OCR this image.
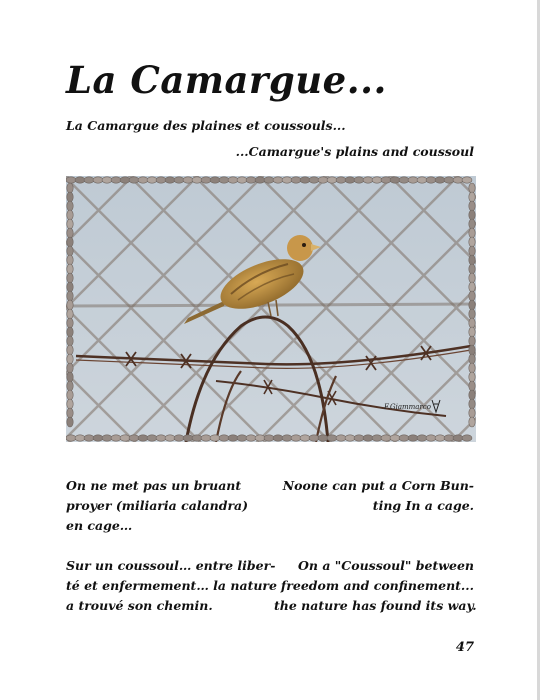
La Camargue...
La Camargue des plaines et coussouls...
...Camargue's plains and coussoul
F.Giammarco
On ne met pas un bruant
proyer (miliaria calandra)
en cage…
Noone can put a Corn Bun-
ting In a cage.
Sur un coussoul… entre liber-
té et enfermement… la nature
a trouvé son chemin.
On a "Coussoul" between
freedom and confinement...
the nature has found its way.
47
